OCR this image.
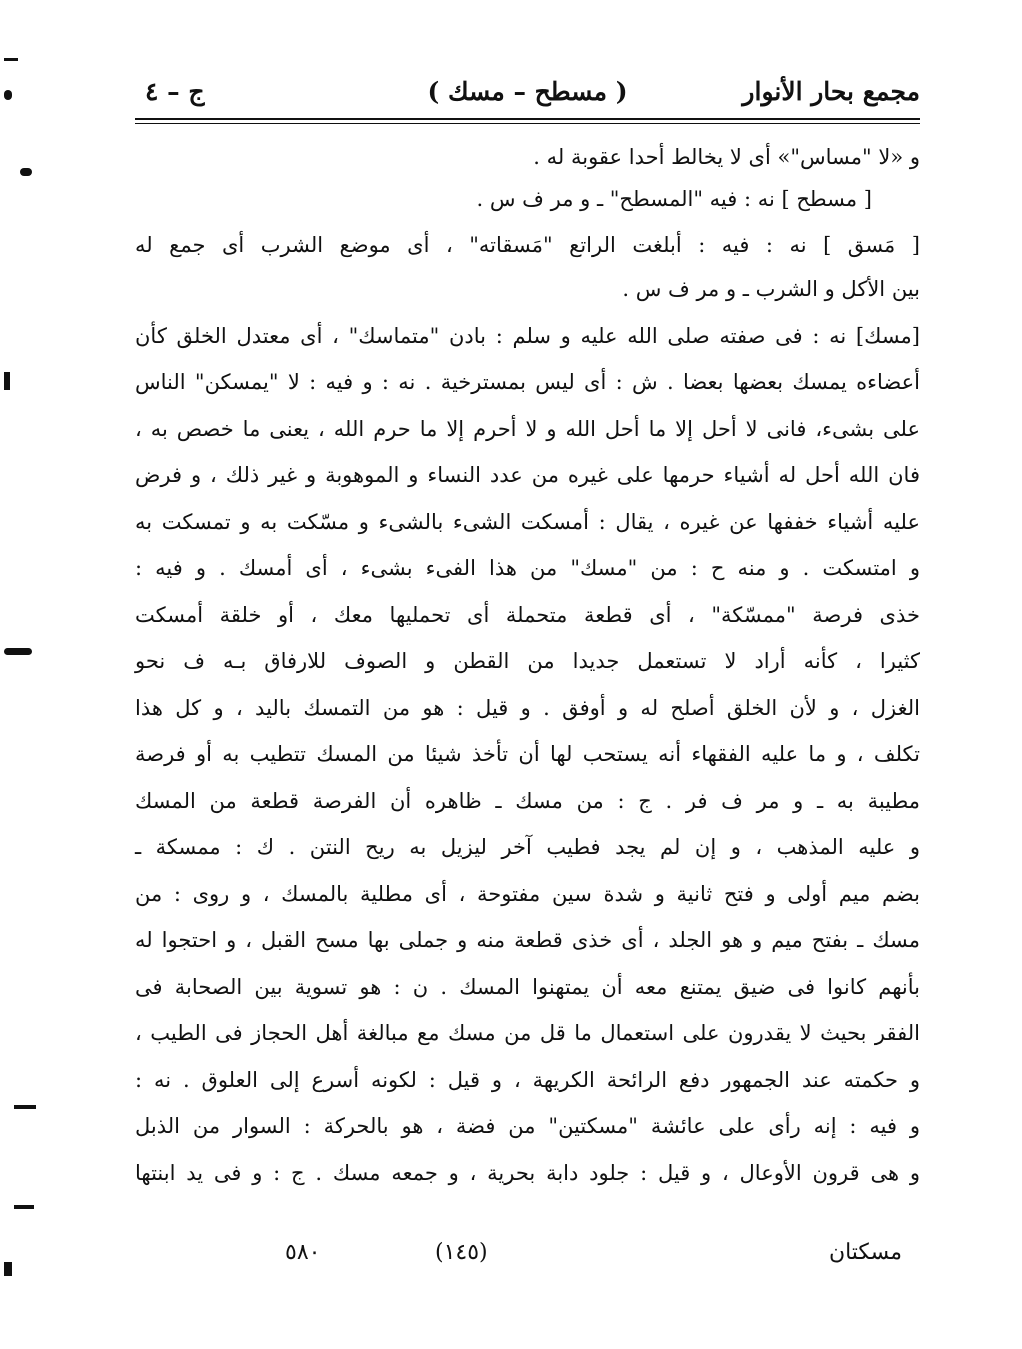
مجمع بحار الأنوار
( مسطح – مسك )
ج – ٤
و «لا "مساس"» أى لا يخالط أحدا عقوبة له .
[ مسطح ] نه : فيه "المسطح" ـ و مر ف س .
[ مَسق ] نه : فيه : أبلغت الراتع "مَسقاته" ، أى موضع الشرب أى جمع له
بين الأكل و الشرب ـ و مر ف س .
[مسك] نه : فى صفته صلى الله عليه و سلم : بادن "متماسك" ، أى معتدل الخلق كأن
أعضاءه يمسك بعضها بعضا . ش : أى ليس بمسترخية . نه : و فيه : لا "يمسكن" الناس
على بشىء، فانى لا أحل إلا ما أحل الله و لا أحرم إلا ما حرم الله ، يعنى ما خصص به ،
فان الله أحل له أشياء حرمها على غيره من عدد النساء و الموهوبة و غير ذلك ، و فرض
عليه أشياء خففها عن غيره ، يقال : أمسكت الشىء بالشىء و مسّكت به و تمسكت به
و امتسكت . و منه ح : من "مسك" من هذا الفىء بشىء ، أى أمسك . و فيه :
خذى فرصة "ممسّكة" ، أى قطعة متحملة أى تحمليها معك ، أو خلقة أمسكت
كثيرا ، كأنه أراد لا تستعمل جديدا من القطن و الصوف للارفاق بـه ف نحو
الغزل ، و لأن الخلق أصلح له و أوفق . و قيل : هو من التمسك باليد ، و كل هذا
تكلف ، و ما عليه الفقهاء أنه يستحب لها أن تأخذ شيئا من المسك تتطيب به أو فرصة
مطيبة به ـ و مر ف فر . ج : من مسك ـ ظاهره أن الفرصة قطعة من المسك
و عليه المذهب ، و إن لم يجد فطيب آخر ليزيل به ريح النتن . ك : ممسكة ـ
بضم ميم أولى و فتح ثانية و شدة سين مفتوحة ، أى مطلية بالمسك ، و روى : من
مسك ـ بفتح ميم و هو الجلد ، أى خذى قطعة منه و جملى بها مسح القبل ، و احتجوا له
بأنهم كانوا فى ضيق يمتنع معه أن يمتهنوا المسك . ن : هو تسوية بين الصحابة فى
الفقر بحيث لا يقدرون على استعمال ما قل من مسك مع مبالغة أهل الحجاز فى الطيب ،
و حكمته عند الجمهور دفع الرائحة الكريهة ، و قيل : لكونه أسرع إلى العلوق . نه :
و فيه : إنه رأى على عائشة "مسكتين" من فضة ، هو بالحركة : السوار من الذبل
و هى قرون الأوعال ، و قيل : جلود دابة بحرية ، و جمعه مسك . ج : و فى يد ابنتها
مسكتان
(١٤٥)
٥٨٠
